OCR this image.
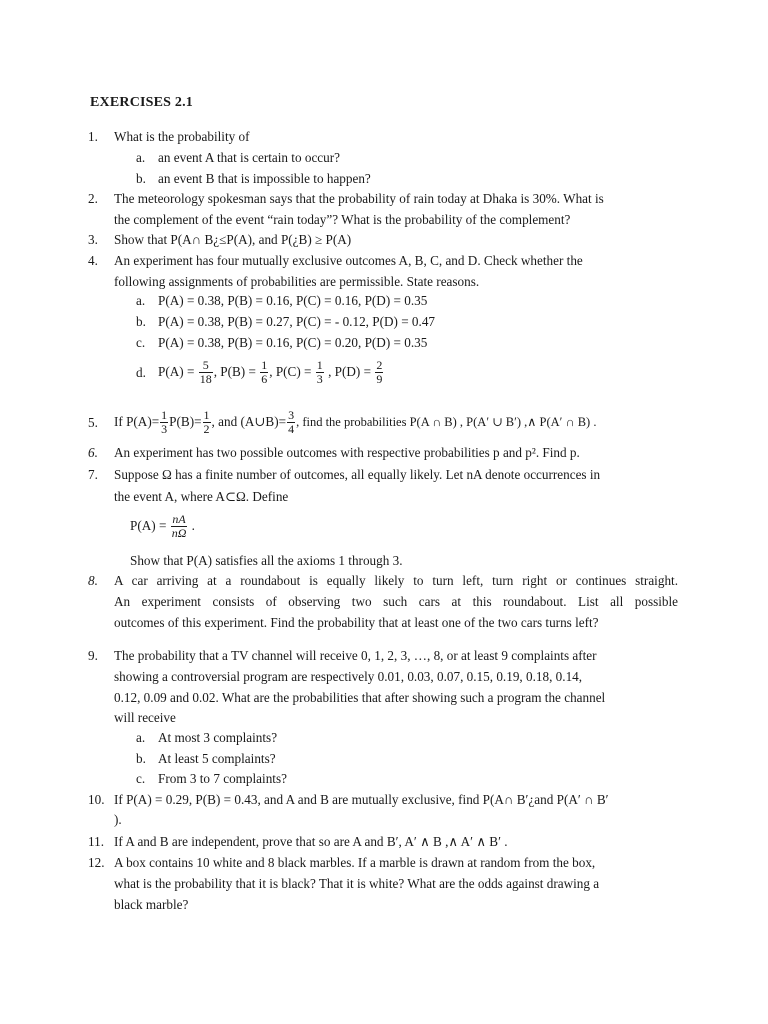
EXERCISES 2.1
1. What is the probability of
a. an event A that is certain to occur?
b. an event B that is impossible to happen?
2. The meteorology spokesman says that the probability of rain today at Dhaka is 30%. What is
the complement of the event “rain today”? What is the probability of the complement?
3. Show that P(A∩ B¿≤P(A), and P(¿B) ≥ P(A)
4. An experiment has four mutually exclusive outcomes A, B, C, and D. Check whether the
following assignments of probabilities are permissible. State reasons.
a. P(A) = 0.38, P(B) = 0.16, P(C) = 0.16, P(D) = 0.35
b. P(A) = 0.38, P(B) = 0.27, P(C) = - 0.12, P(D) = 0.47
c. P(A) = 0.38, P(B) = 0.16, P(C) = 0.20, P(D) = 0.35
d. $P(A) = \frac{5}{18}$ , $P(B) = \frac{1}{6}$ , $P(C) = \frac{1}{3}$ , $P(D) = \frac{2}{9}$
5. If $P(A)= \frac{1}{3} P(B)= \frac{1}{2}$ , and (A∪B)= $\frac{3}{4}$ , find the probabilities P(A ∩ B) , P(A′ ∪ B′) ,∧ P(A′ ∩ B) .
6. An experiment has two possible outcomes with respective probabilities p and p². Find p.
7. Suppose Ω has a finite number of outcomes, all equally likely. Let nA denote occurrences in
the event A, where A⊂Ω. Define
$P(A) = \frac{nA}{n\Omega}$ .
Show that P(A) satisfies all the axioms 1 through 3.
8. A car arriving at a roundabout is equally likely to turn left, turn right or continues straight.
An experiment consists of observing two such cars at this roundabout. List all possible
outcomes of this experiment. Find the probability that at least one of the two cars turns left?
9. The probability that a TV channel will receive 0, 1, 2, 3, …, 8, or at least 9 complaints after
showing a controversial program are respectively 0.01, 0.03, 0.07, 0.15, 0.19, 0.18, 0.14,
0.12, 0.09 and 0.02. What are the probabilities that after showing such a program the channel
will receive
a. At most 3 complaints?
b. At least 5 complaints?
c. From 3 to 7 complaints?
10. If P(A) = 0.29, P(B) = 0.43, and A and B are mutually exclusive, find P(A∩ B′¿and P(A′ ∩ B′
).
11. If A and B are independent, prove that so are A and B′, A′ ∧ B ,∧ A′ ∧ B′ .
12. A box contains 10 white and 8 black marbles. If a marble is drawn at random from the box,
what is the probability that it is black? That it is white? What are the odds against drawing a
black marble?
